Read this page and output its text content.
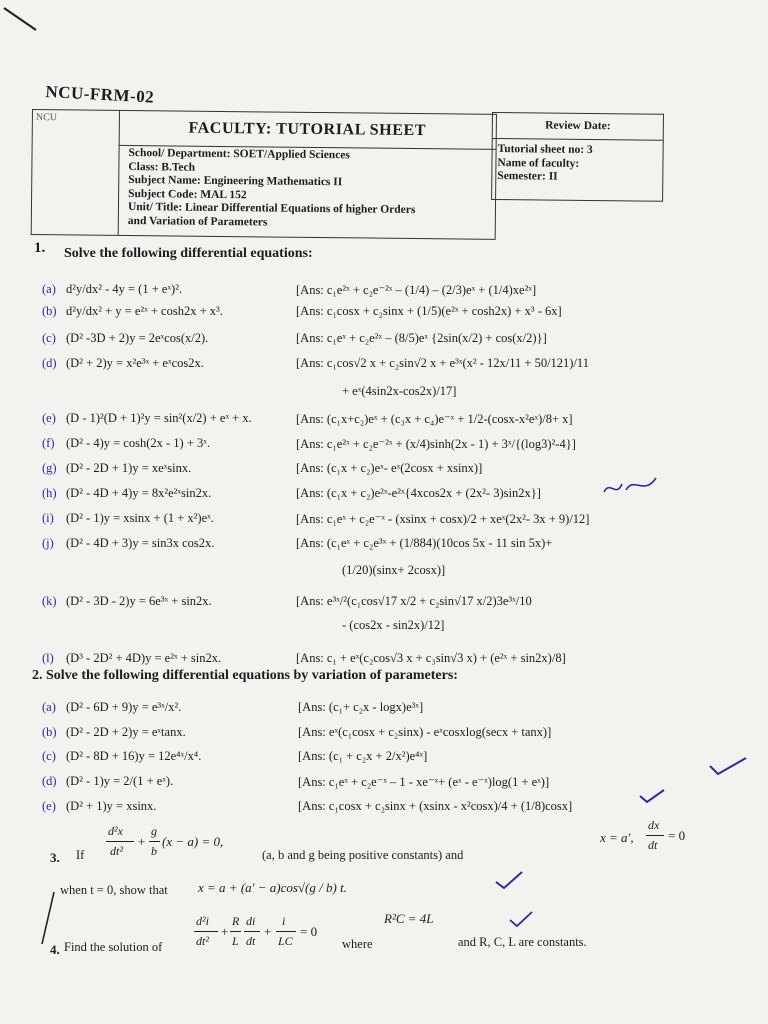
NCU-FRM-02
NCU
FACULTY: TUTORIAL SHEET
School/ Department: SOET/Applied Sciences
Class: B.Tech
Subject Name: Engineering Mathematics II
Subject Code: MAL 152
Unit/ Title: Linear Differential Equations of higher Orders
and Variation of Parameters
Review Date:
Tutorial sheet no: 3
Name of faculty:
Semester: II
1. Solve the following differential equations:
(a) d²y/dx² - 4y = (1 + eˣ)².	[Ans: c₁e²ˣ + c₂e⁻²ˣ – (1/4) – (2/3)eˣ + (1/4)xe²ˣ]
(b) d²y/dx² + y = e²ˣ + cosh2x + x³.	[Ans: c₁cosx + c₂sinx + (1/5)(e²ˣ + cosh2x) + x³ - 6x]
(c) (D² -3D + 2)y = 2eˣcos(x/2).	[Ans: c₁eˣ + c₂e²ˣ – (8/5)eˣ {2sin(x/2) + cos(x/2)}]
(d) (D² + 2)y = x²e³ˣ + eˣcos2x.	[Ans: c₁cos√2 x + c₂sin√2 x + e³ˣ(x² - 12x/11 + 50/121)/11
+ eˣ(4sin2x-cos2x)/17]
(e) (D - 1)²(D + 1)²y = sin²(x/2) + eˣ + x.	[Ans: (c₁x+c₂)eˣ + (c₃x + c₄)e⁻ˣ + 1/2-(cosx-x²eˣ)/8+ x]
(f) (D² - 4)y = cosh(2x - 1) + 3ˣ.	[Ans: c₁e²ˣ + c₂e⁻²ˣ + (x/4)sinh(2x - 1) + 3ˣ/{(log3)²-4}]
(g) (D² - 2D + 1)y = xeˣsinx.	[Ans: (c₁x + c₂)eˣ- eˣ(2cosx + xsinx)]
(h) (D² - 4D + 4)y = 8x²e²ˣsin2x.	[Ans: (c₁x + c₂)e²ˣ-e²ˣ{4xcos2x + (2x²- 3)sin2x}]
(i) (D² - 1)y = xsinx + (1 + x²)eˣ.	[Ans: c₁eˣ + c₂e⁻ˣ - (xsinx + cosx)/2 + xeˣ(2x²- 3x + 9)/12]
(j) (D² - 4D + 3)y = sin3x cos2x.	[Ans: (c₁eˣ + c₂e³ˣ + (1/884)(10cos 5x - 11 sin 5x)+
(1/20)(sinx+ 2cosx)]
(k) (D² - 3D - 2)y = 6e³ˣ + sin2x.	[Ans: e³ˣ/²(c₁cos√17 x/2 + c₂sin√17 x/2)3e³ˣ/10
- (cos2x - sin2x)/12]
(l) (D³ - 2D² + 4D)y = e²ˣ + sin2x.	[Ans: c₁ + eˣ(c₂cos√3 x + c₃sin√3 x) + (e²ˣ + sin2x)/8]
2. Solve the following differential equations by variation of parameters:
(a) (D² - 6D + 9)y = e³ˣ/x².	[Ans: (c₁+ c₂x - logx)e³ˣ]
(b) (D² - 2D + 2)y = eˣtanx.	[Ans: eˣ(c₁cosx + c₂sinx) - eˣcosxlog(secx + tanx)]
(c) (D² - 8D + 16)y = 12e⁴ˣ/x⁴.	[Ans: (c₁ + c₂x + 2/x²)e⁴ˣ]
(d) (D² - 1)y = 2/(1 + eˣ).	[Ans: c₁eˣ + c₂e⁻ˣ – 1 - xe⁻ˣ+ (eˣ - e⁻ˣ)log(1 + eˣ)]
(e) (D² + 1)y = xsinx.	[Ans: c₁cosx + c₂sinx + (xsinx - x²cosx)/4 + (1/8)cosx]
3. If
d²x
dt²
+
g
b
(x − a) = 0,
(a, b and g being positive constants) and
x = a′,
dx
dt
= 0
when t = 0, show that x = a + (a′ − a)cos√(g / b) t.
4. Find the solution of
d²i
dt²
+
R
L
di
dt
+
i
LC
= 0
where
R²C = 4L
and R, C, L are constants.
